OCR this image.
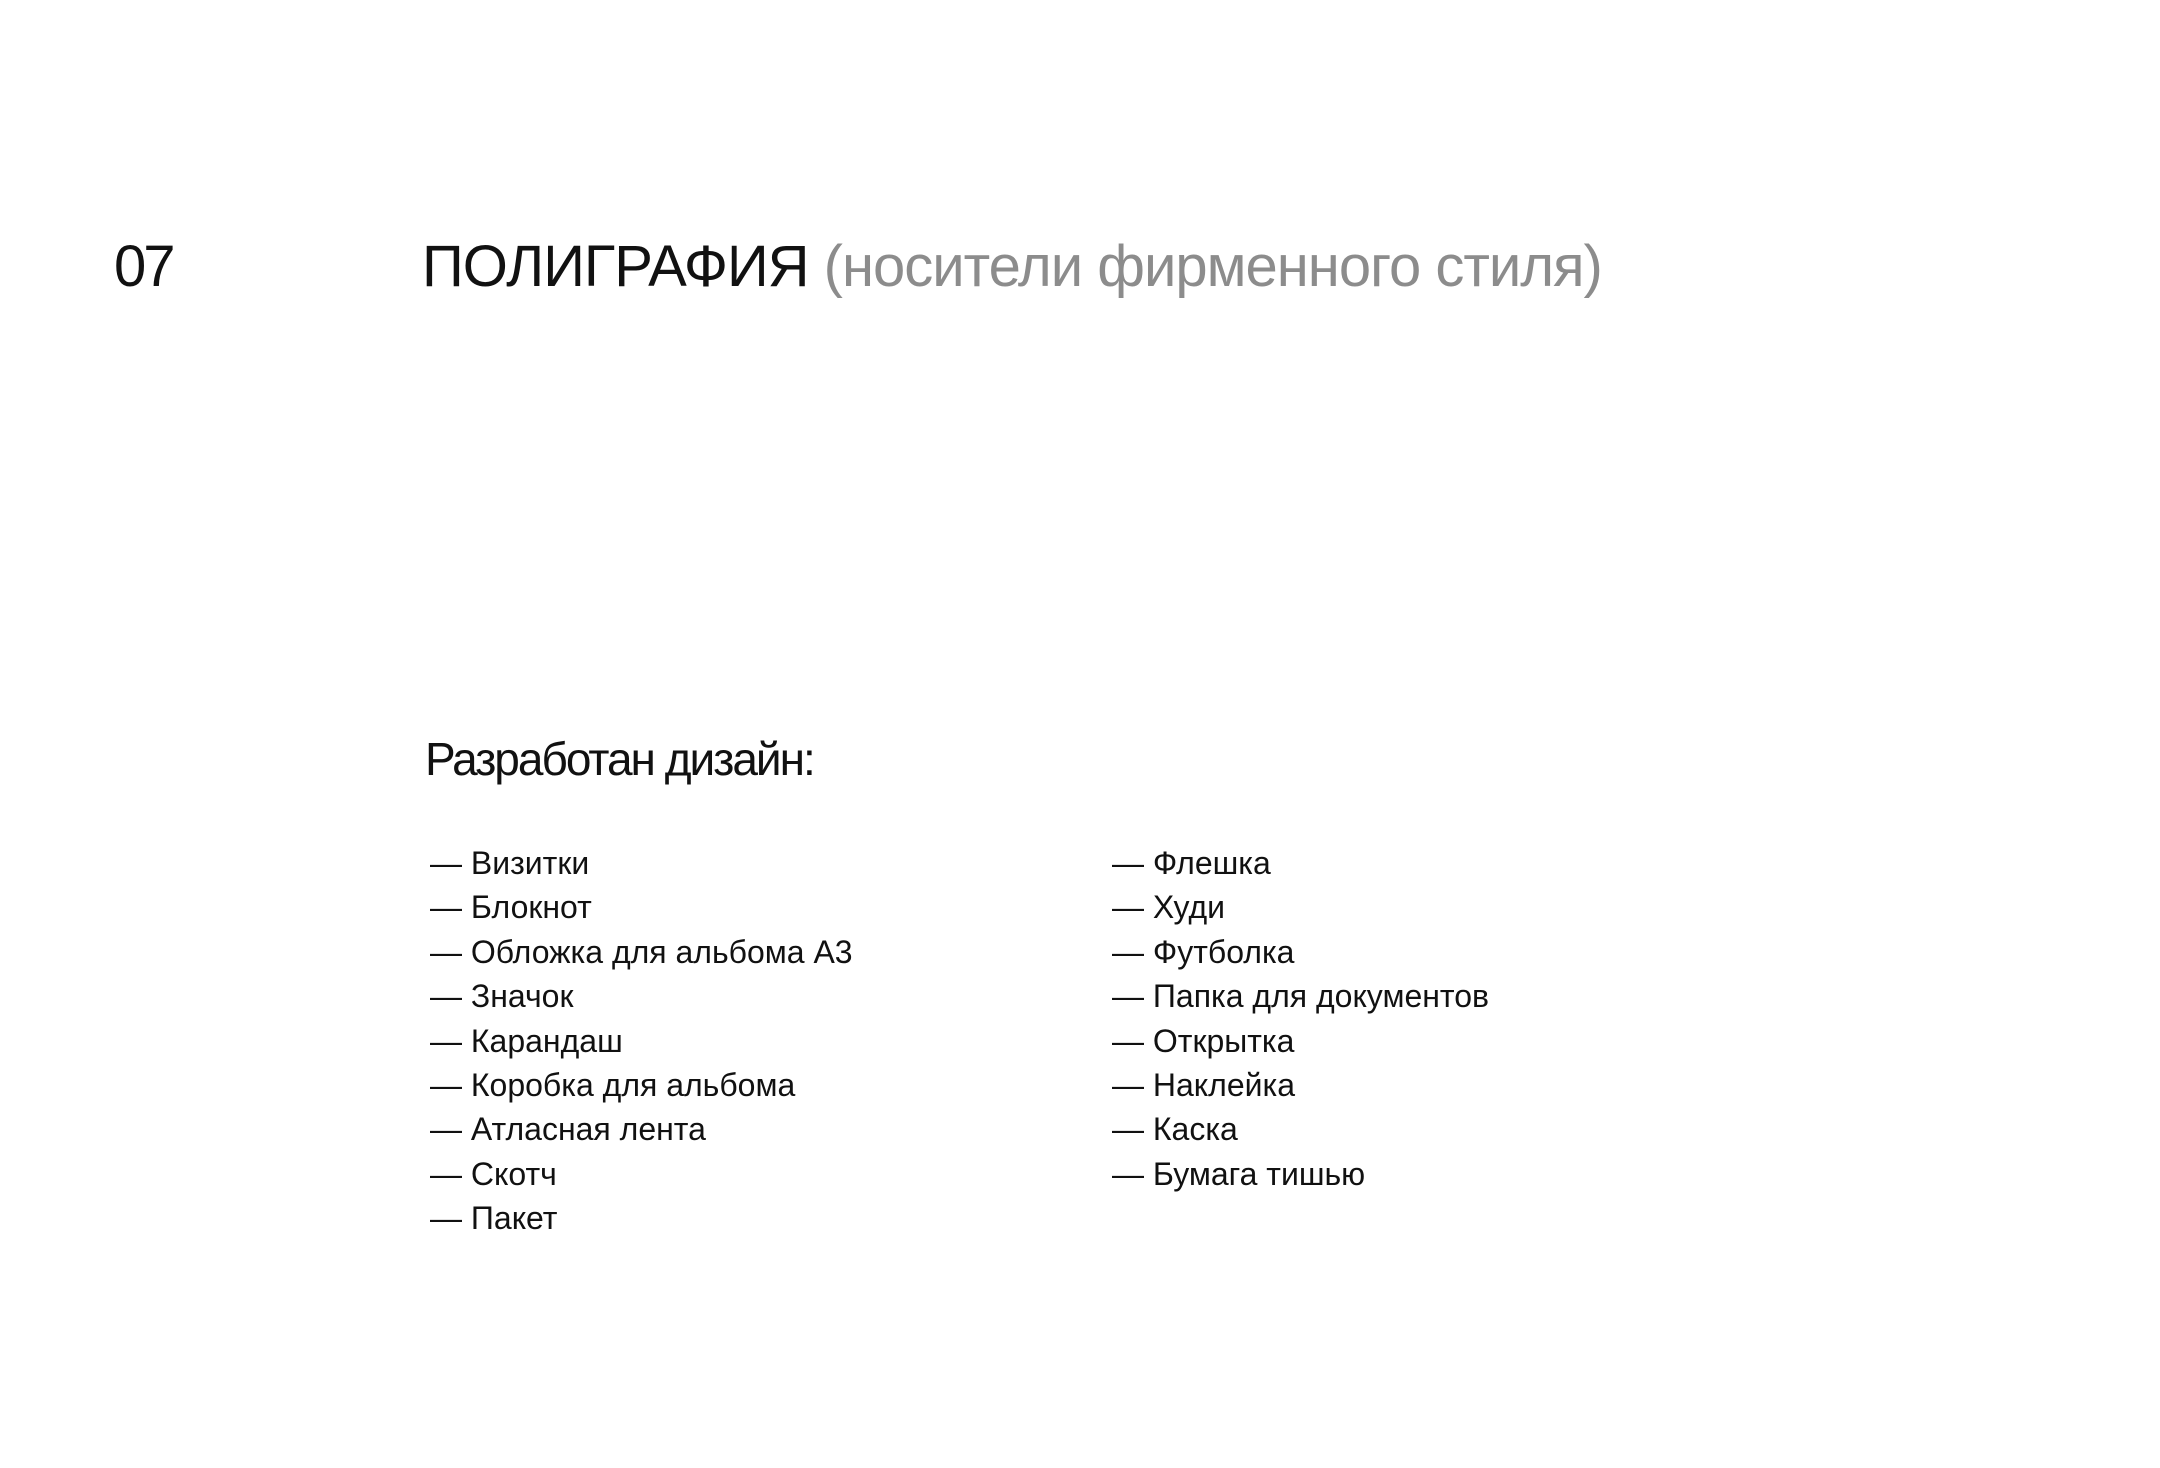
07	ПОЛИГРАФИЯ (носители фирменного стиля)
Разработан дизайн:
— Визитки
— Блокнот
— Обложка для альбома А3
— Значок
— Карандаш
— Коробка для альбома
— Атласная лента
— Скотч
— Пакет
— Флешка
— Худи
— Футболка
— Папка для документов
— Открытка
— Наклейка
— Каска
— Бумага тишью
